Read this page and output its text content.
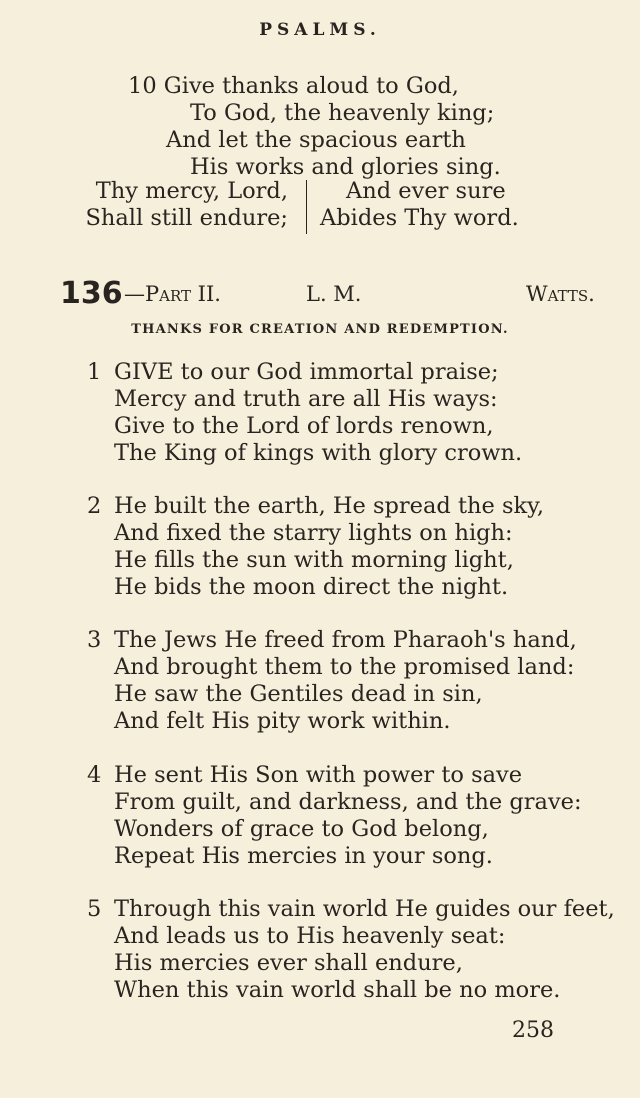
PSALMS.
10 Give thanks aloud to God,
To God, the heavenly king;
And let the spacious earth
His works and glories sing.
Thy mercy, Lord,
Shall still endure;
And ever sure
Abides Thy word.
136 —Part II.	L. M.	Watts.
THANKS FOR CREATION AND REDEMPTION.
1 GIVE to our God immortal praise;
Mercy and truth are all His ways:
Give to the Lord of lords renown,
The King of kings with glory crown.
2 He built the earth, He spread the sky,
And fixed the starry lights on high:
He fills the sun with morning light,
He bids the moon direct the night.
3 The Jews He freed from Pharaoh's hand,
And brought them to the promised land:
He saw the Gentiles dead in sin,
And felt His pity work within.
4 He sent His Son with power to save
From guilt, and darkness, and the grave:
Wonders of grace to God belong,
Repeat His mercies in your song.
5 Through this vain world He guides our feet,
And leads us to His heavenly seat:
His mercies ever shall endure,
When this vain world shall be no more.
258
